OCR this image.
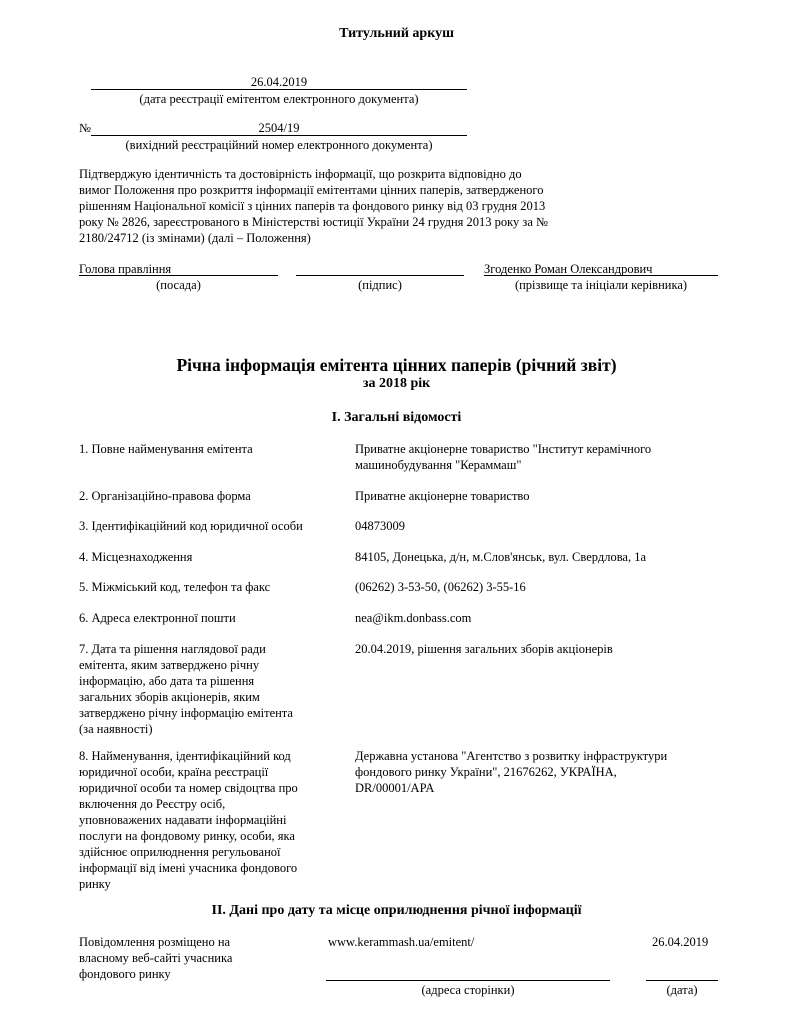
Титульний аркуш
26.04.2019
(дата реєстрації емітентом електронного документа)
№	2504/19
(вихідний реєстраційний номер електронного документа)
Підтверджую ідентичність та достовірність інформації, що розкрита відповідно до
вимог Положення про розкриття інформації емітентами цінних паперів, затвердженого
рішенням Національної комісії з цінних паперів та фондового ринку від 03 грудня 2013
року № 2826, зареєстрованого в Міністерстві юстиції України 24 грудня 2013 року за №
2180/24712 (із змінами) (далі – Положення)
Голова правління	Згоденко Роман Олександрович
(посада)	(підпис)	(прізвище та ініціали керівника)
Річна інформація емітента цінних паперів (річний звіт)
за 2018 рік
I. Загальні відомості
1. Повне найменування емітента	Приватне акціонерне товариство "Інститут керамічного
машинобудування "Кераммаш"
2. Організаційно-правова форма	Приватне акціонерне товариство
3. Ідентифікаційний код юридичної особи	04873009
4. Місцезнаходження	84105, Донецька, д/н, м.Слов'янськ, вул. Свердлова, 1а
5. Міжміський код, телефон та факс	(06262) 3-53-50, (06262) 3-55-16
6. Адреса електронної пошти	nea@ikm.donbass.com
7. Дата та рішення наглядової ради
емітента, яким затверджено річну
інформацію, або дата та рішення
загальних зборів акціонерів, яким
затверджено річну інформацію емітента
(за наявності)
20.04.2019, рішення загальних зборів акціонерів
8. Найменування, ідентифікаційний код
юридичної особи, країна реєстрації
юридичної особи та номер свідоцтва про
включення до Реєстру осіб,
уповноважених надавати інформаційні
послуги на фондовому ринку, особи, яка
здійснює оприлюднення регульованої
інформації від імені учасника фондового
ринку
Державна установа "Агентство з розвитку інфраструктури
фондового ринку України", 21676262, УКРАЇНА,
DR/00001/APA
II. Дані про дату та місце оприлюднення річної інформації
Повідомлення розміщено на
власному веб-сайті учасника
фондового ринку
www.kerammash.ua/emitent/	26.04.2019
(адреса сторінки)	(дата)
